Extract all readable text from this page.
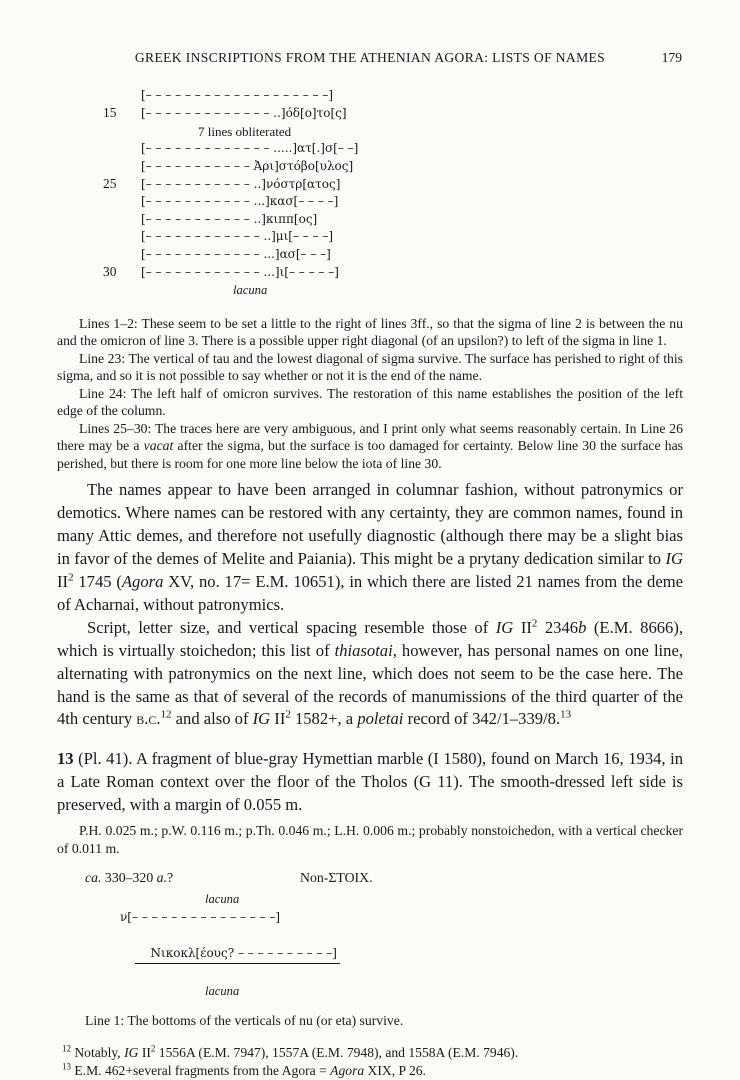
GREEK INSCRIPTIONS FROM THE ATHENIAN AGORA: LISTS OF NAMES	179
[– – – – – – – – – – – – – – – – – – –]
15	[– – – – – – – – – – – – – ..]όδ[ο]το[ς]
7 lines obliterated
[– – – – – – – – – – – – – .....]ατ[.]σ[– –]
[– – – – – – – – – – – Ἀρι]στόβο[υλος]
25	[– – – – – – – – – – – ..]νόστρ[ατος]
[– – – – – – – – – – – ...]κασ[– – – –]
[– – – – – – – – – – – ..]κιππ[ος]
[– – – – – – – – – – – – ..]μι[– – – –]
[– – – – – – – – – – – – ...]ασ[– – –]
30	[– – – – – – – – – – – – ...]ι[– – – – –]
lacuna

Lines 1–2: These seem to be set a little to the right of lines 3ff., so that the sigma of line 2 is between the nu and the omicron of line 3. There is a possible upper right diagonal (of an upsilon?) to left of the sigma in line 1.

Line 23: The vertical of tau and the lowest diagonal of sigma survive. The surface has perished to right of this sigma, and so it is not possible to say whether or not it is the end of the name.

Line 24: The left half of omicron survives. The restoration of this name establishes the position of the left edge of the column.

Lines 25–30: The traces here are very ambiguous, and I print only what seems reasonably certain. In Line 26 there may be a vacat after the sigma, but the surface is too damaged for certainty. Below line 30 the surface has perished, but there is room for one more line below the iota of line 30.

The names appear to have been arranged in columnar fashion, without patronymics or demotics. Where names can be restored with any certainty, they are common names, found in many Attic demes, and therefore not usefully diagnostic (although there may be a slight bias in favor of the demes of Melite and Paiania). This might be a prytany dedication similar to IG $II^2$ 1745 (Agora XV, no. 17= E.M. 10651), in which there are listed 21 names from the deme of Acharnai, without patronymics.

Script, letter size, and vertical spacing resemble those of IG $II^2$ 2346b (E.M. 8666), which is virtually stoichedon; this list of thiasotai, however, has personal names on one line, alternating with patronymics on the next line, which does not seem to be the case here. The hand is the same as that of several of the records of manumissions of the third quarter of the 4th century b.c.$^{12}$ and also of IG $II^2$ 1582+, a poletai record of 342/1–339/8.13

13 (Pl. 41). A fragment of blue-gray Hymettian marble (I 1580), found on March 16, 1934, in a Late Roman context over the floor of the Tholos (G 11). The smooth-dressed left side is preserved, with a margin of 0.055 m.

P.H. 0.025 m.; p.W. 0.116 m.; p.Th. 0.046 m.; L.H. 0.006 m.; probably nonstoichedon, with a vertical checker of 0.011 m.

ca. 330–320 a.?	Non-ΣΤΟΙΧ.
lacuna
ν[– – – – – – – – – – – – – – –]

Νικοκλ[έους? – – – – – – – – – –]

lacuna

Line 1: The bottoms of the verticals of nu (or eta) survive.

$^{12}$ Notably, IG $II^2$ 1556A (E.M. 7947), 1557A (E.M. 7948), and 1558A (E.M. 7946).

$^{13}$ E.M. 462+several fragments from the Agora = Agora XIX, P 26.
